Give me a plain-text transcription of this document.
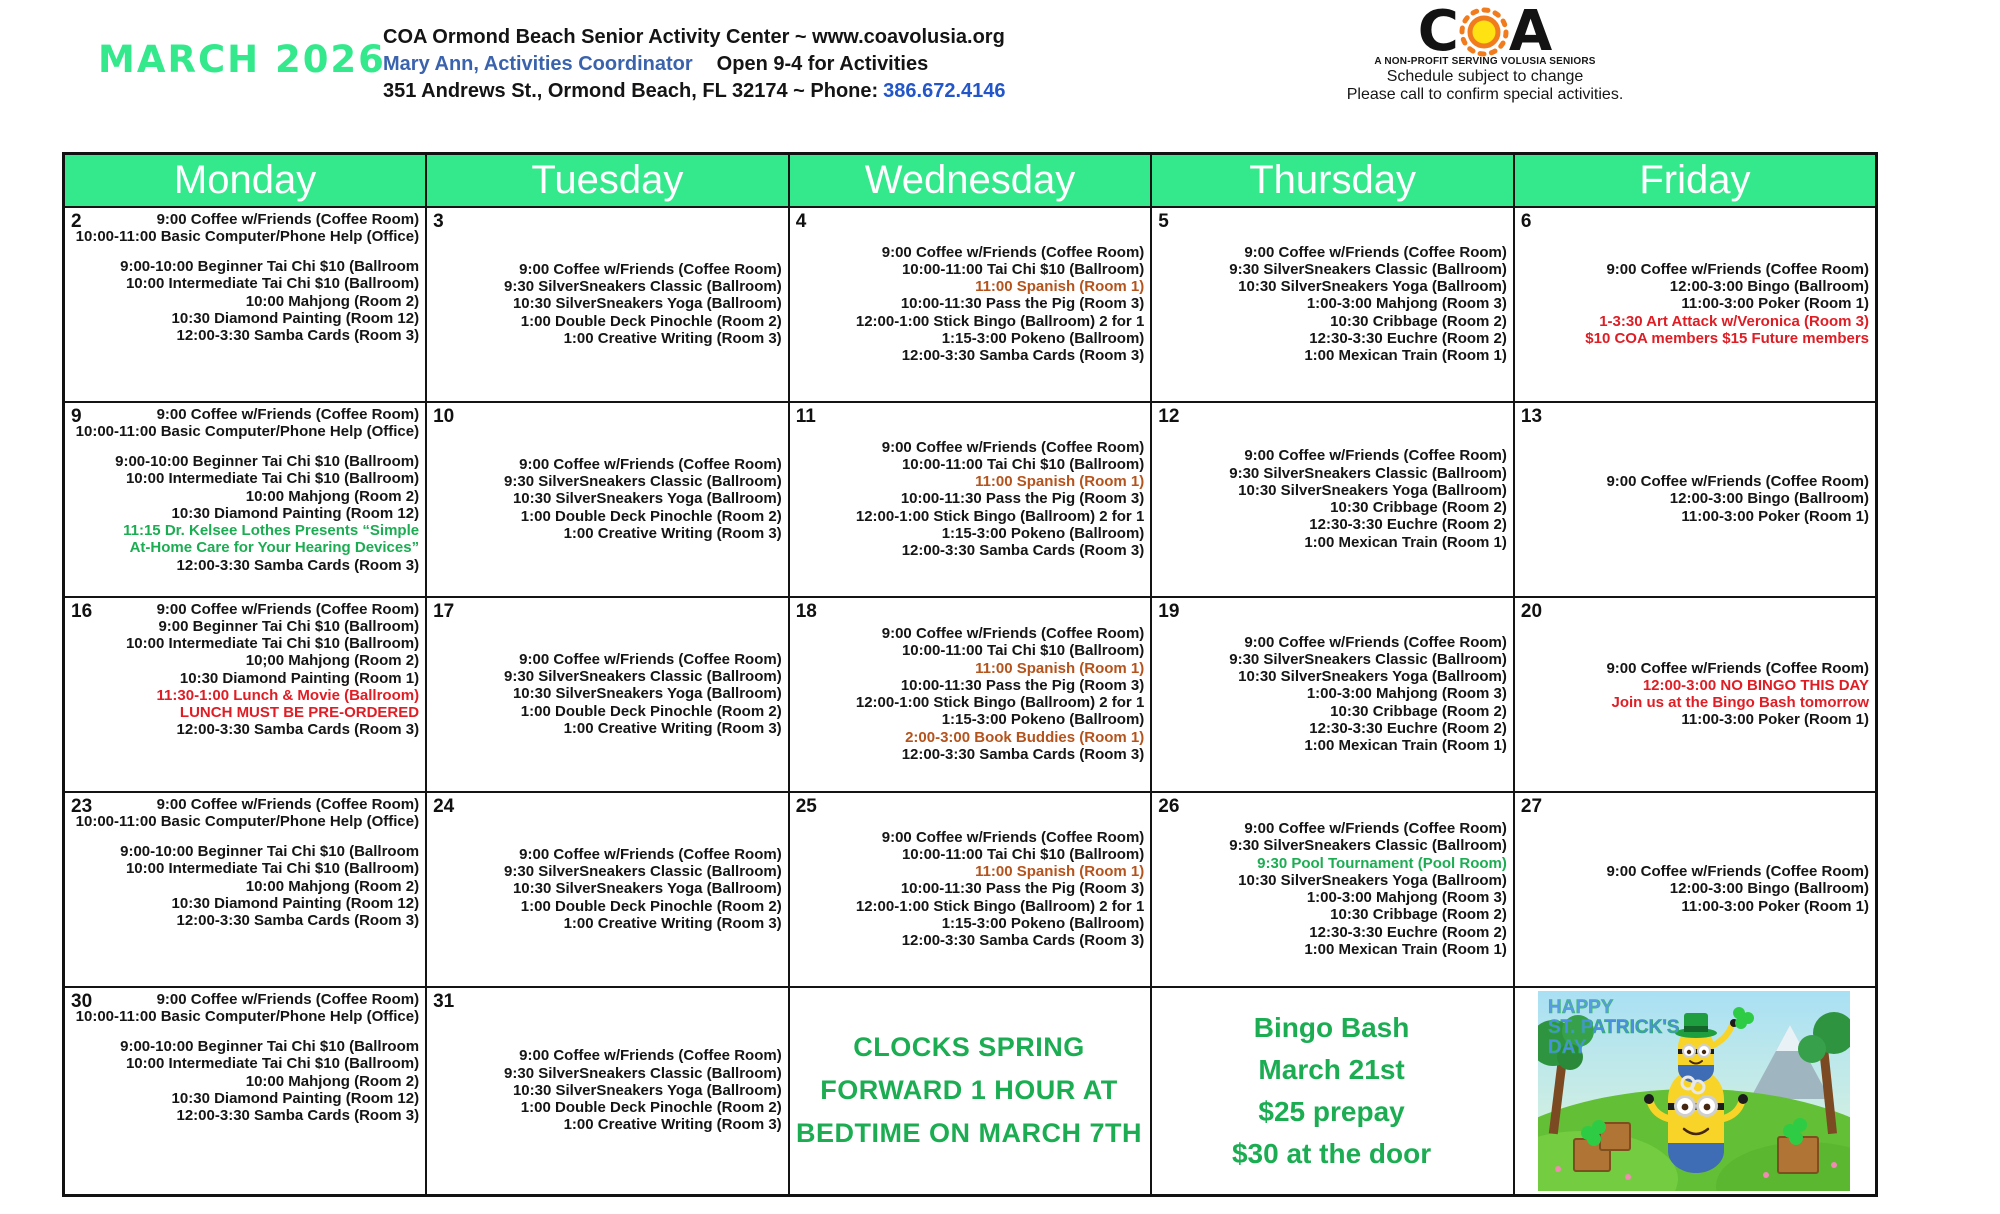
MARCH 2026
COA Ormond Beach Senior Activity Center ~ www.coavolusia.org
Mary Ann, Activities Coordinator Open 9-4 for Activities
351 Andrews St., Ormond Beach, FL 32174 ~ Phone: 386.672.4146
C A
A NON-PROFIT SERVING VOLUSIA SENIORS
Schedule subject to change
Please call to confirm special activities.
Monday	Tuesday	Wednesday	Thursday	Friday

2	9:00 Coffee w/Friends (Coffee Room)
10:00-11:00 Basic Computer/Phone Help (Office)
9:00-10:00 Beginner Tai Chi $10 (Ballroom
10:00 Intermediate Tai Chi $10 (Ballroom)
10:00 Mahjong (Room 2)
10:30 Diamond Painting (Room 12)
12:00-3:30 Samba Cards (Room 3)

3
9:00 Coffee w/Friends (Coffee Room)
9:30 SilverSneakers Classic (Ballroom)
10:30 SilverSneakers Yoga (Ballroom)
1:00 Double Deck Pinochle (Room 2)
1:00 Creative Writing (Room 3)

4
9:00 Coffee w/Friends (Coffee Room)
10:00-11:00 Tai Chi $10 (Ballroom)
11:00 Spanish (Room 1)
10:00-11:30 Pass the Pig (Room 3)
12:00-1:00 Stick Bingo (Ballroom) 2 for 1
1:15-3:00 Pokeno (Ballroom)
12:00-3:30 Samba Cards (Room 3)

5
9:00 Coffee w/Friends (Coffee Room)
9:30 SilverSneakers Classic (Ballroom)
10:30 SilverSneakers Yoga (Ballroom)
1:00-3:00 Mahjong (Room 3)
10:30 Cribbage (Room 2)
12:30-3:30 Euchre (Room 2)
1:00 Mexican Train (Room 1)

6
9:00 Coffee w/Friends (Coffee Room)
12:00-3:00 Bingo (Ballroom)
11:00-3:00 Poker (Room 1)
1-3:30 Art Attack w/Veronica (Room 3)
$10 COA members $15 Future members

9	9:00 Coffee w/Friends (Coffee Room)
10:00-11:00 Basic Computer/Phone Help (Office)
9:00-10:00 Beginner Tai Chi $10 (Ballroom)
10:00 Intermediate Tai Chi $10 (Ballroom)
10:00 Mahjong (Room 2)
10:30 Diamond Painting (Room 12)
11:15 Dr. Kelsee Lothes Presents “Simple
At-Home Care for Your Hearing Devices”
12:00-3:30 Samba Cards (Room 3)

10
9:00 Coffee w/Friends (Coffee Room)
9:30 SilverSneakers Classic (Ballroom)
10:30 SilverSneakers Yoga (Ballroom)
1:00 Double Deck Pinochle (Room 2)
1:00 Creative Writing (Room 3)

11
9:00 Coffee w/Friends (Coffee Room)
10:00-11:00 Tai Chi $10 (Ballroom)
11:00 Spanish (Room 1)
10:00-11:30 Pass the Pig (Room 3)
12:00-1:00 Stick Bingo (Ballroom) 2 for 1
1:15-3:00 Pokeno (Ballroom)
12:00-3:30 Samba Cards (Room 3)

12
9:00 Coffee w/Friends (Coffee Room)
9:30 SilverSneakers Classic (Ballroom)
10:30 SilverSneakers Yoga (Ballroom)
10:30 Cribbage (Room 2)
12:30-3:30 Euchre (Room 2)
1:00 Mexican Train (Room 1)

13
9:00 Coffee w/Friends (Coffee Room)
12:00-3:00 Bingo (Ballroom)
11:00-3:00 Poker (Room 1)

16	9:00 Coffee w/Friends (Coffee Room)
9:00 Beginner Tai Chi $10 (Ballroom)
10:00 Intermediate Tai Chi $10 (Ballroom)
10;00 Mahjong (Room 2)
10:30 Diamond Painting (Room 1)
11:30-1:00 Lunch & Movie (Ballroom)
LUNCH MUST BE PRE-ORDERED
12:00-3:30 Samba Cards (Room 3)

17
9:00 Coffee w/Friends (Coffee Room)
9:30 SilverSneakers Classic (Ballroom)
10:30 SilverSneakers Yoga (Ballroom)
1:00 Double Deck Pinochle (Room 2)
1:00 Creative Writing (Room 3)

18
9:00 Coffee w/Friends (Coffee Room)
10:00-11:00 Tai Chi $10 (Ballroom)
11:00 Spanish (Room 1)
10:00-11:30 Pass the Pig (Room 3)
12:00-1:00 Stick Bingo (Ballroom) 2 for 1
1:15-3:00 Pokeno (Ballroom)
2:00-3:00 Book Buddies (Room 1)
12:00-3:30 Samba Cards (Room 3)

19
9:00 Coffee w/Friends (Coffee Room)
9:30 SilverSneakers Classic (Ballroom)
10:30 SilverSneakers Yoga (Ballroom)
1:00-3:00 Mahjong (Room 3)
10:30 Cribbage (Room 2)
12:30-3:30 Euchre (Room 2)
1:00 Mexican Train (Room 1)

20
9:00 Coffee w/Friends (Coffee Room)
12:00-3:00 NO BINGO THIS DAY
Join us at the Bingo Bash tomorrow
11:00-3:00 Poker (Room 1)

23	9:00 Coffee w/Friends (Coffee Room)
10:00-11:00 Basic Computer/Phone Help (Office)
9:00-10:00 Beginner Tai Chi $10 (Ballroom
10:00 Intermediate Tai Chi $10 (Ballroom)
10:00 Mahjong (Room 2)
10:30 Diamond Painting (Room 12)
12:00-3:30 Samba Cards (Room 3)

24
9:00 Coffee w/Friends (Coffee Room)
9:30 SilverSneakers Classic (Ballroom)
10:30 SilverSneakers Yoga (Ballroom)
1:00 Double Deck Pinochle (Room 2)
1:00 Creative Writing (Room 3)

25
9:00 Coffee w/Friends (Coffee Room)
10:00-11:00 Tai Chi $10 (Ballroom)
11:00 Spanish (Room 1)
10:00-11:30 Pass the Pig (Room 3)
12:00-1:00 Stick Bingo (Ballroom) 2 for 1
1:15-3:00 Pokeno (Ballroom)
12:00-3:30 Samba Cards (Room 3)

26
9:00 Coffee w/Friends (Coffee Room)
9:30 SilverSneakers Classic (Ballroom)
9:30 Pool Tournament (Pool Room)
10:30 SilverSneakers Yoga (Ballroom)
1:00-3:00 Mahjong (Room 3)
10:30 Cribbage (Room 2)
12:30-3:30 Euchre (Room 2)
1:00 Mexican Train (Room 1)

27
9:00 Coffee w/Friends (Coffee Room)
12:00-3:00 Bingo (Ballroom)
11:00-3:00 Poker (Room 1)

30	9:00 Coffee w/Friends (Coffee Room)
10:00-11:00 Basic Computer/Phone Help (Office)
9:00-10:00 Beginner Tai Chi $10 (Ballroom
10:00 Intermediate Tai Chi $10 (Ballroom)
10:00 Mahjong (Room 2)
10:30 Diamond Painting (Room 12)
12:00-3:30 Samba Cards (Room 3)

31
9:00 Coffee w/Friends (Coffee Room)
9:30 SilverSneakers Classic (Ballroom)
10:30 SilverSneakers Yoga (Ballroom)
1:00 Double Deck Pinochle (Room 2)
1:00 Creative Writing (Room 3)

CLOCKS SPRING
FORWARD 1 HOUR AT
BEDTIME ON MARCH 7TH

Bingo Bash
March 21st
$25 prepay
$30 at the door

HAPPY
ST. PATRICK'S
DAY
